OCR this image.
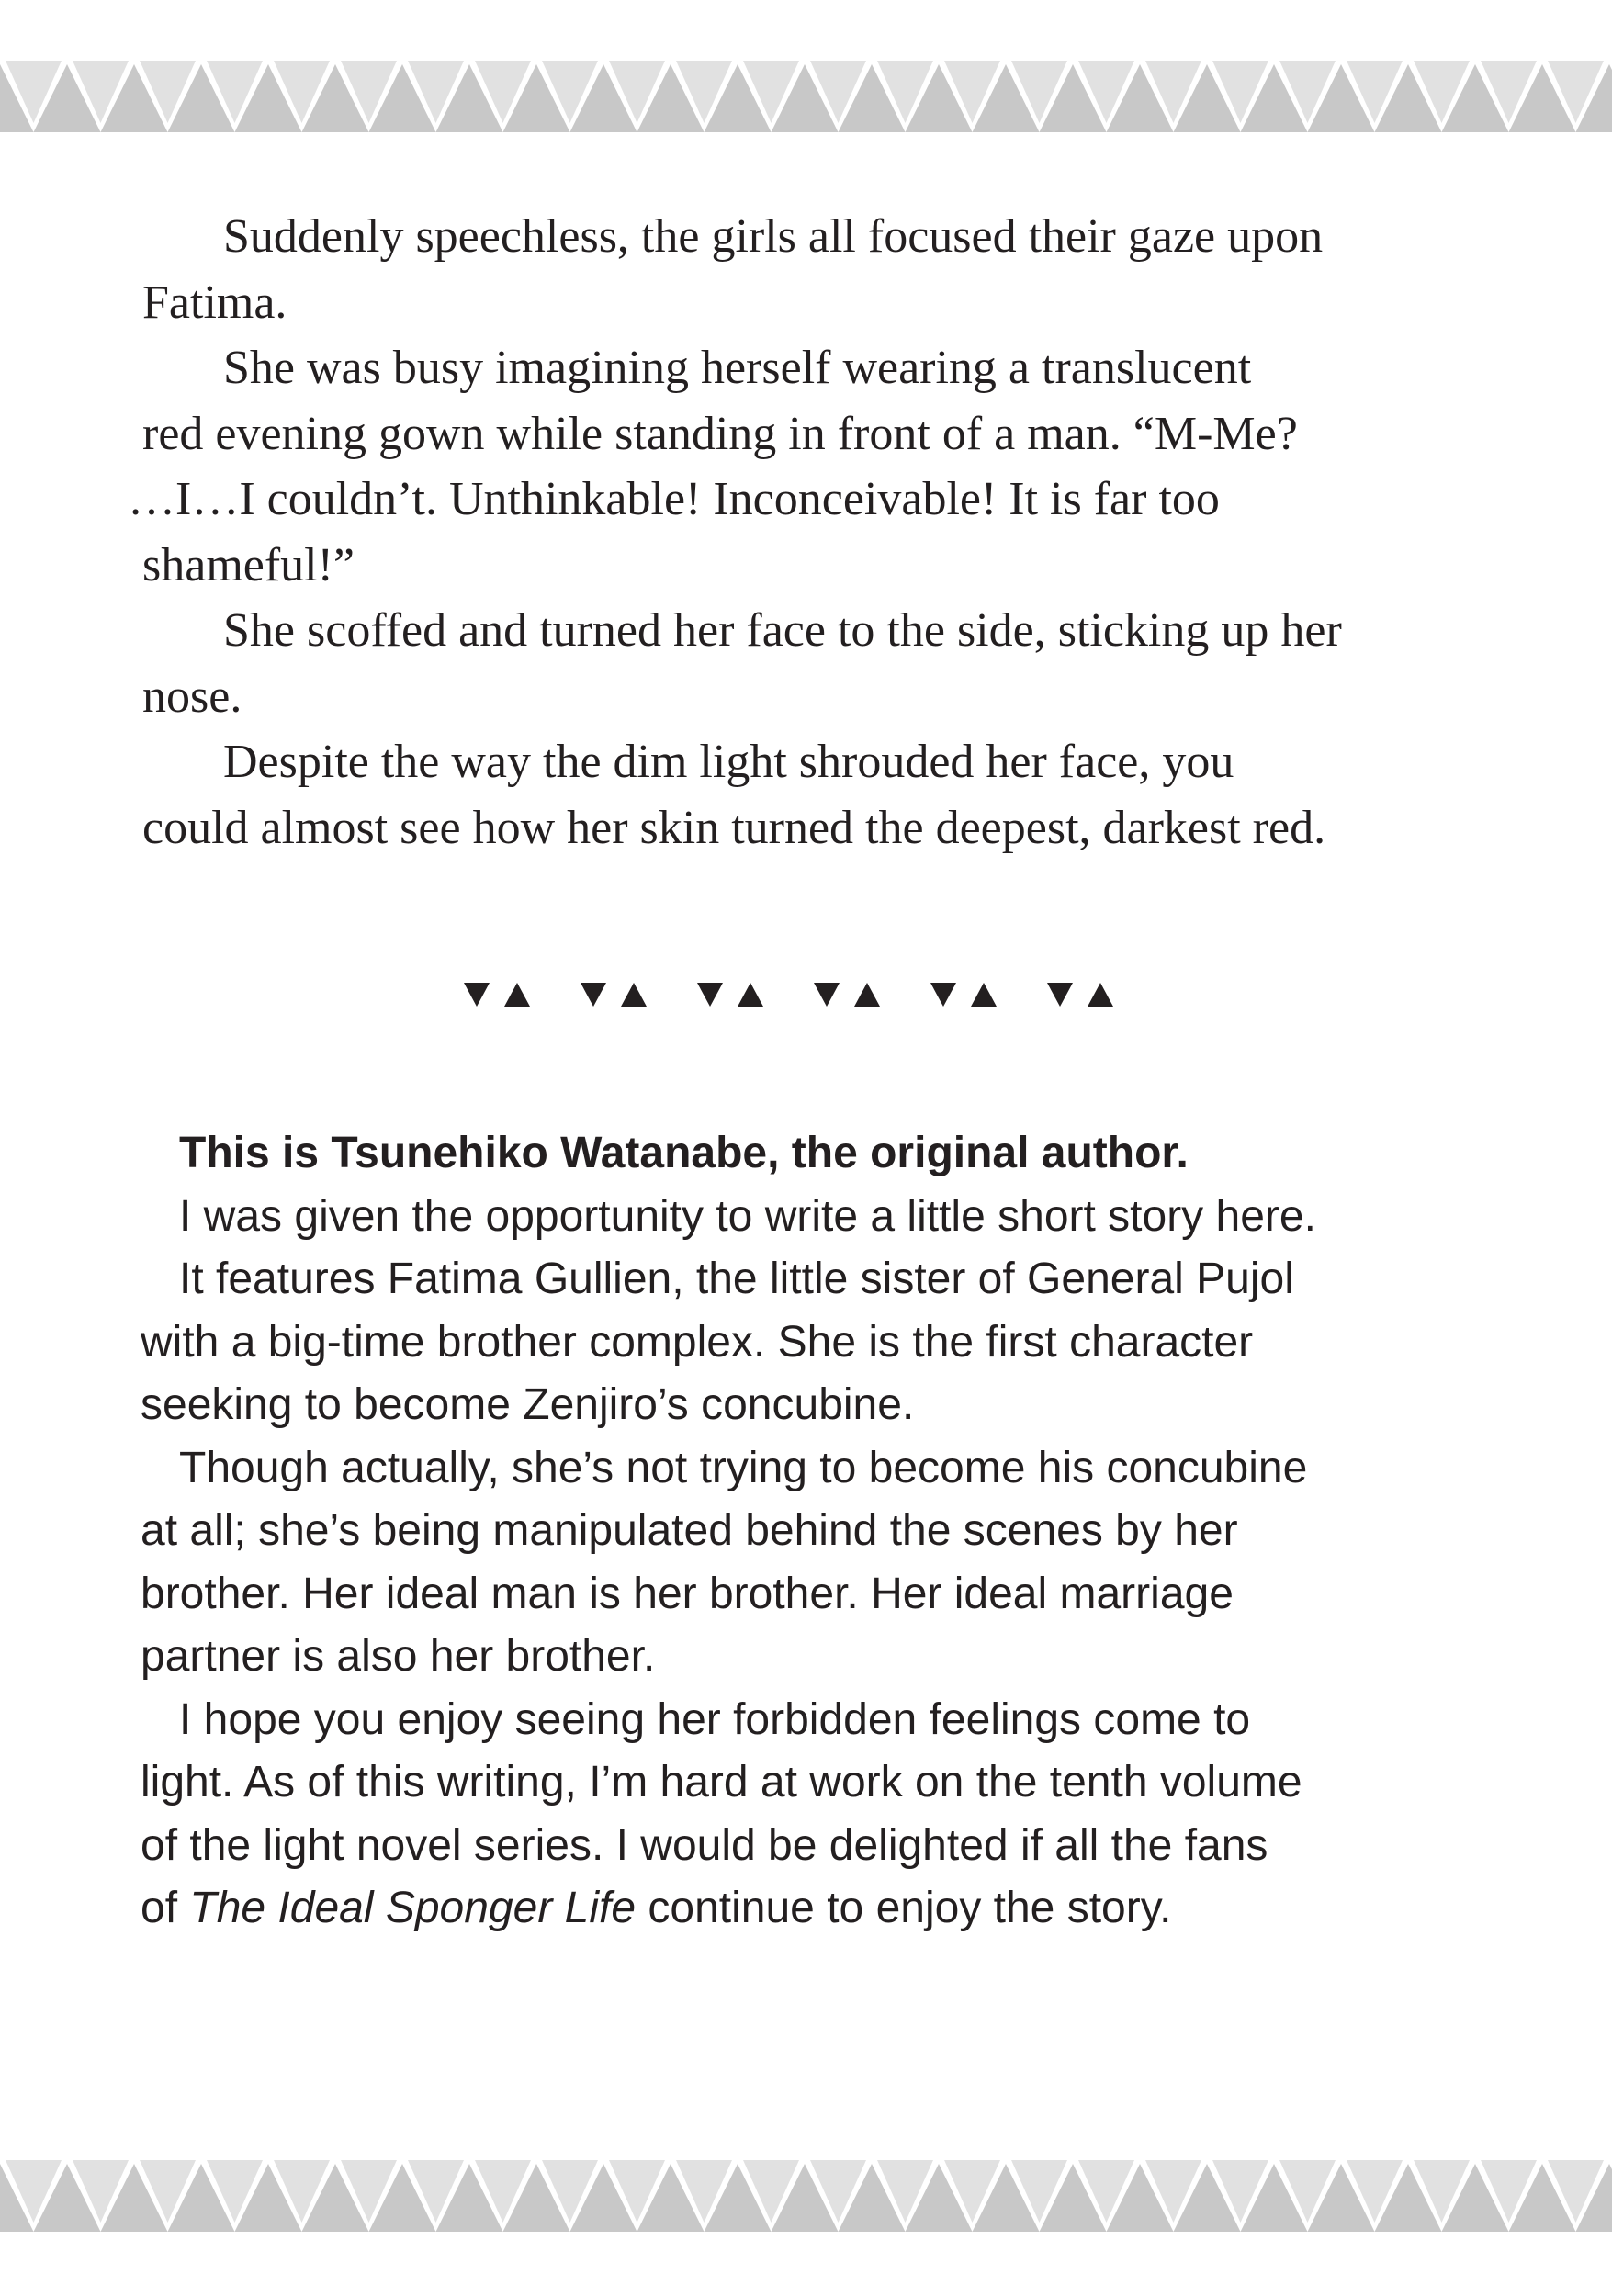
Suddenly speechless, the girls all focused their gaze upon
Fatima.
She was busy imagining herself wearing a translucent
red evening gown while standing in front of a man. “M-Me?
…I…I couldn’t. Unthinkable! Inconceivable! It is far too
shameful!”
She scoffed and turned her face to the side, sticking up her
nose.
Despite the way the dim light shrouded her face, you
could almost see how her skin turned the deepest, darkest red.
This is Tsunehiko Watanabe, the original author.
I was given the opportunity to write a little short story here.
It features Fatima Gullien, the little sister of General Pujol
with a big-time brother complex. She is the first character
seeking to become Zenjiro’s concubine.
Though actually, she’s not trying to become his concubine
at all; she’s being manipulated behind the scenes by her
brother. Her ideal man is her brother. Her ideal marriage
partner is also her brother.
I hope you enjoy seeing her forbidden feelings come to
light. As of this writing, I’m hard at work on the tenth volume
of the light novel series. I would be delighted if all the fans
of The Ideal Sponger Life continue to enjoy the story.
